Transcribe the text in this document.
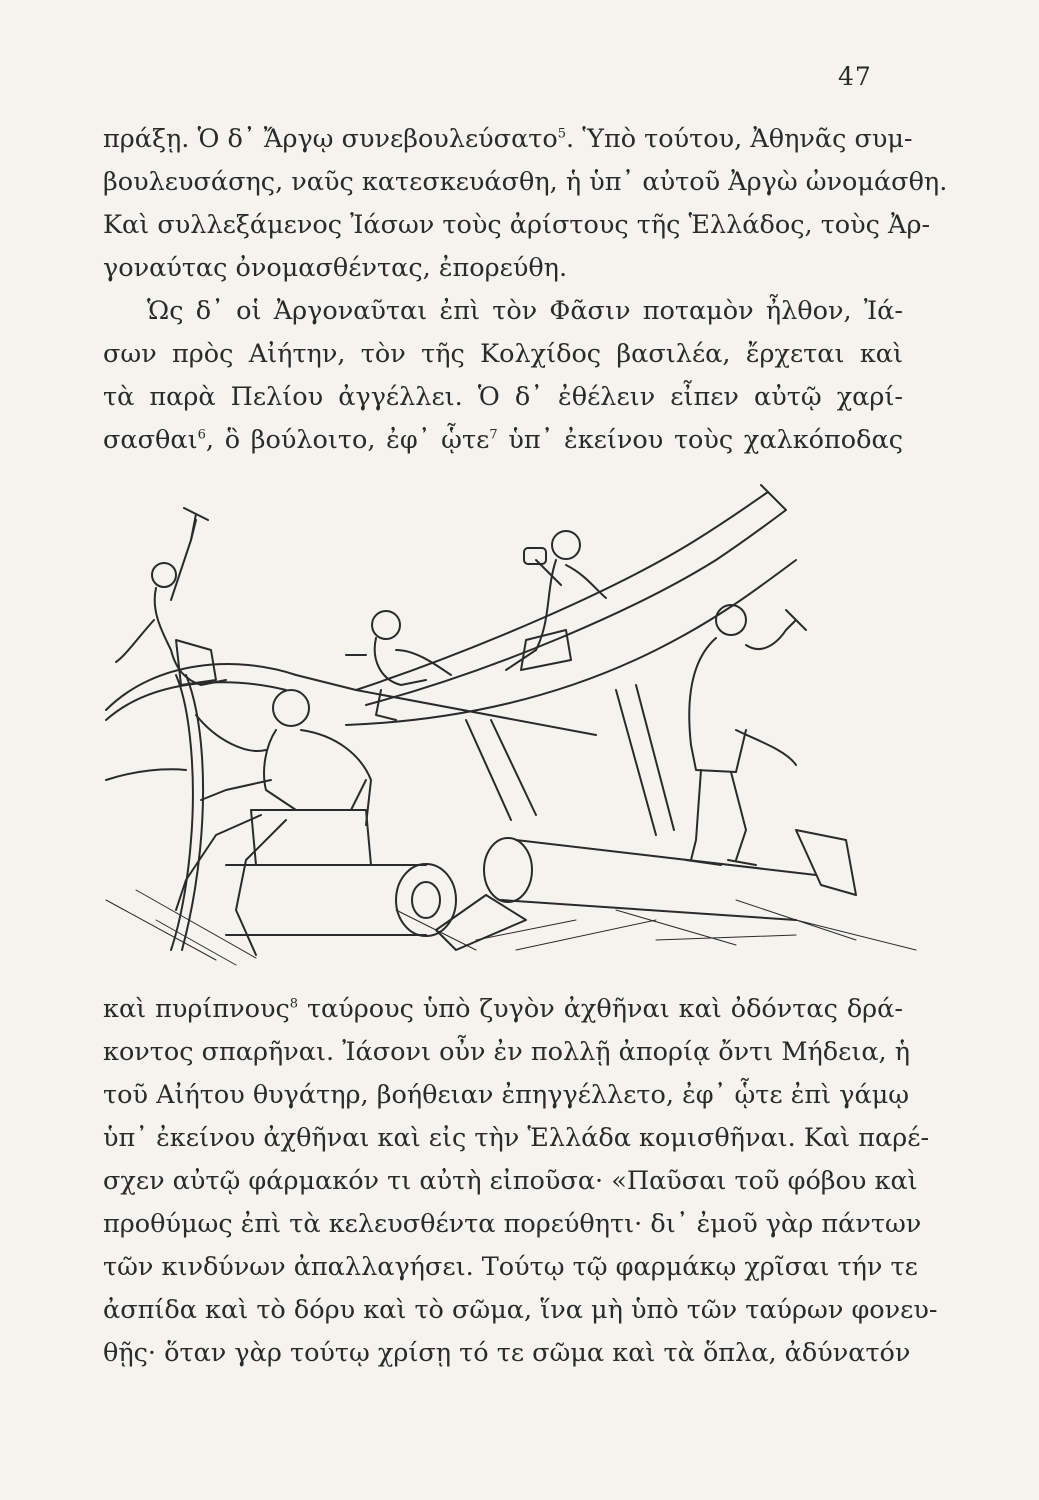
47
πράξῃ. Ὁ δ᾽ Ἄργῳ συνεβουλεύσατο$^5$. Ὑπὸ τούτου, Ἀθηνᾶς συμ-
βουλευσάσης, ναῦς κατεσκευάσθη, ἡ ὑπ᾽ αὐτοῦ Ἀργὼ ὠνομάσθη.
Καὶ συλλεξάμενος Ἰάσων τοὺς ἀρίστους τῆς Ἑλλάδος, τοὺς Ἀρ-
γοναύτας ὀνομασθέντας, ἐπορεύθη.
Ὡς δ᾽ οἱ Ἀργοναῦται ἐπὶ τὸν Φᾶσιν ποταμὸν ἦλθον, Ἰά-
σων πρὸς Αἰήτην, τὸν τῆς Κολχίδος βασιλέα, ἔρχεται καὶ
τὰ παρὰ Πελίου ἀγγέλλει. Ὁ δ᾽ ἐθέλειν εἶπεν αὐτῷ χαρί-
σασθαι$^6$, ὃ βούλοιτο, ἐφ᾽ ᾧτε$^7$ ὑπ᾽ ἐκείνου τοὺς χαλκόποδας
καὶ πυρίπνους$^8$ ταύρους ὑπὸ ζυγὸν ἀχθῆναι καὶ ὀδόντας δρά-
κοντος σπαρῆναι. Ἰάσονι οὖν ἐν πολλῇ ἀπορίᾳ ὄντι Μήδεια, ἡ
τοῦ Αἰήτου θυγάτηρ, βοήθειαν ἐπηγγέλλετο, ἐφ᾽ ᾧτε ἐπὶ γάμῳ
ὑπ᾽ ἐκείνου ἀχθῆναι καὶ εἰς τὴν Ἑλλάδα κομισθῆναι. Καὶ παρέ-
σχεν αὐτῷ φάρμακόν τι αὐτὴ εἰποῦσα· «Παῦσαι τοῦ φόβου καὶ
προθύμως ἐπὶ τὰ κελευσθέντα πορεύθητι· δι᾽ ἐμοῦ γὰρ πάντων
τῶν κινδύνων ἀπαλλαγήσει. Τούτῳ τῷ φαρμάκῳ χρῖσαι τήν τε
ἀσπίδα καὶ τὸ δόρυ καὶ τὸ σῶμα, ἵνα μὴ ὑπὸ τῶν ταύρων φονευ-
θῇς· ὅταν γὰρ τούτῳ χρίσῃ τό τε σῶμα καὶ τὰ ὅπλα, ἀδύνατόν
